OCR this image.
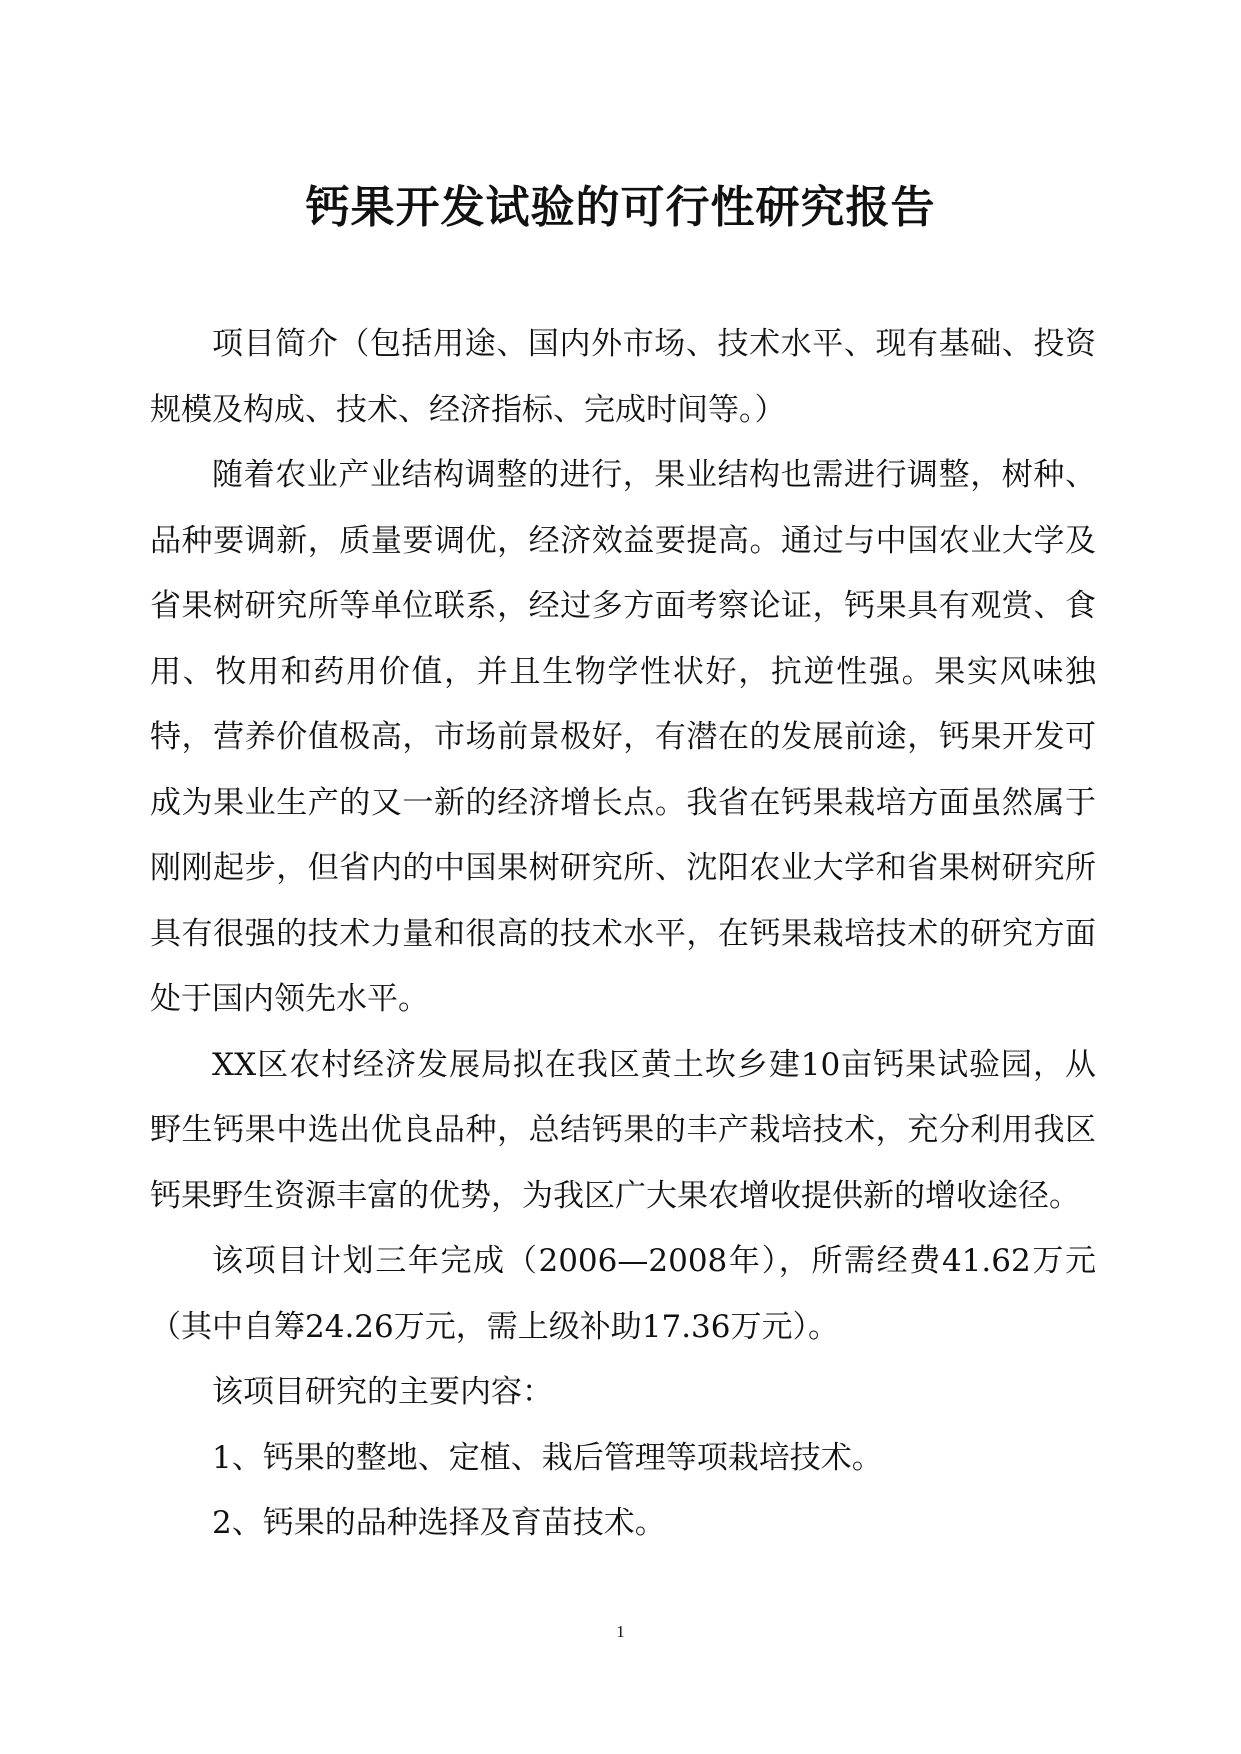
钙果开发试验的可行性研究报告

项目简介（包括用途、国内外市场、技术水平、现有基础、投资规模及构成、技术、经济指标、完成时间等。）

随着农业产业结构调整的进行，果业结构也需进行调整，树种、品种要调新，质量要调优，经济效益要提高。通过与中国农业大学及省果树研究所等单位联系，经过多方面考察论证，钙果具有观赏、食用、牧用和药用价值，并且生物学性状好，抗逆性强。果实风味独特，营养价值极高，市场前景极好，有潜在的发展前途，钙果开发可成为果业生产的又一新的经济增长点。我省在钙果栽培方面虽然属于刚刚起步，但省内的中国果树研究所、沈阳农业大学和省果树研究所具有很强的技术力量和很高的技术水平，在钙果栽培技术的研究方面处于国内领先水平。

XX区农村经济发展局拟在我区黄土坎乡建10亩钙果试验园，从野生钙果中选出优良品种，总结钙果的丰产栽培技术，充分利用我区钙果野生资源丰富的优势，为我区广大果农增收提供新的增收途径。

该项目计划三年完成（2006—2008年），所需经费41.62万元（其中自筹24.26万元，需上级补助17.36万元）。

该项目研究的主要内容：

1、钙果的整地、定植、栽后管理等项栽培技术。

2、钙果的品种选择及育苗技术。

1
